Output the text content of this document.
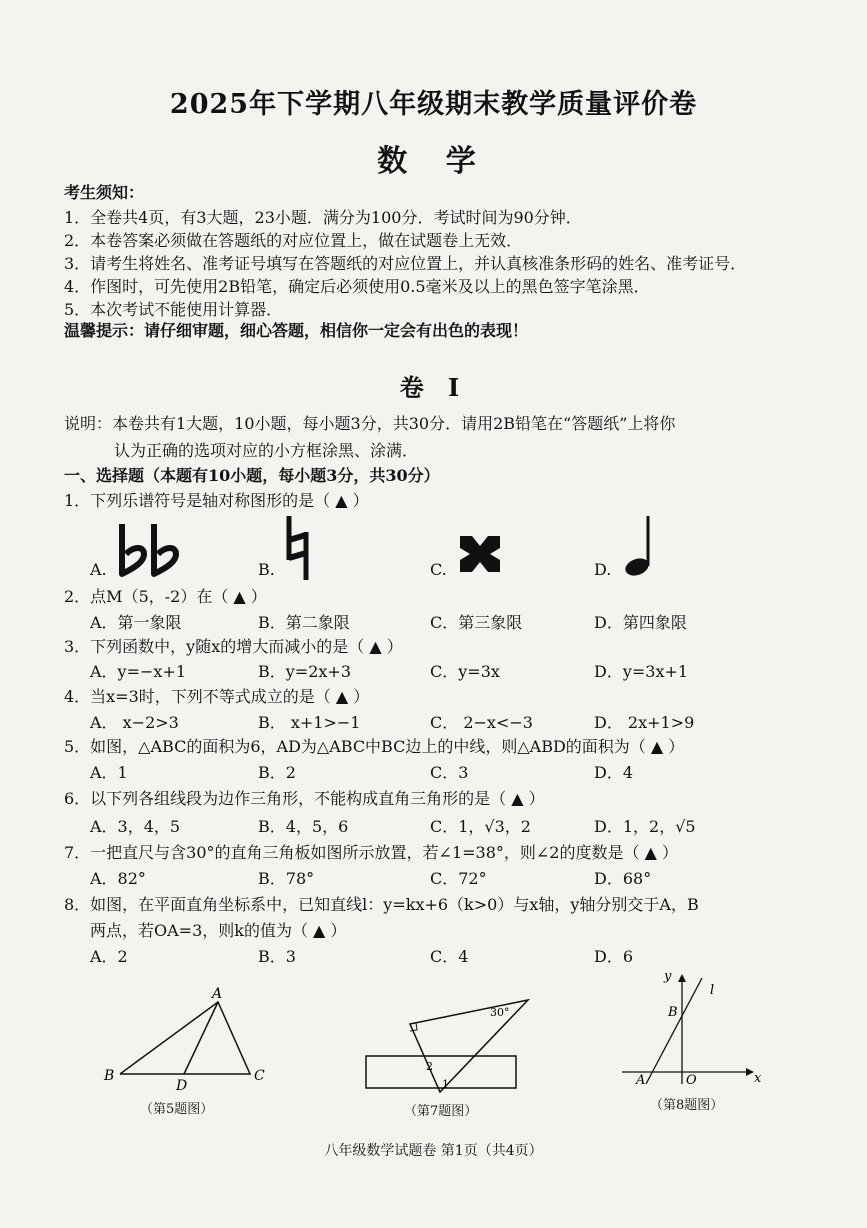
2025年下学期八年级期末教学质量评价卷
数 学
考生须知：
1．全卷共4页，有3大题，23小题．满分为100分．考试时间为90分钟．
2．本卷答案必须做在答题纸的对应位置上，做在试题卷上无效．
3．请考生将姓名、准考证号填写在答题纸的对应位置上，并认真核准条形码的姓名、准考证号．
4．作图时，可先使用2B铅笔，确定后必须使用0.5毫米及以上的黑色签字笔涂黑．
5．本次考试不能使用计算器．
温馨提示：请仔细审题，细心答题，相信你一定会有出色的表现！
卷 I
说明：本卷共有1大题，10小题，每小题3分，共30分．请用2B铅笔在“答题纸”上将你
认为正确的选项对应的小方框涂黑、涂满．
一、选择题（本题有10小题，每小题3分，共30分）
1．下列乐谱符号是轴对称图形的是（ ▲ ）
A.	B.	C.	D.
2．点M（5，-2）在（ ▲ ）
A．第一象限	B．第二象限	C．第三象限	D．第四象限
3．下列函数中，y随x的增大而减小的是（ ▲ ）
A．y=−x+1	B．y=2x+3	C．y=3x	D．y=3x+1
4．当x=3时，下列不等式成立的是（ ▲ ）
A． x−2>3	B． x+1>−1	C． 2−x<−3	D． 2x+1>9
5．如图，△ABC的面积为6，AD为△ABC中BC边上的中线，则△ABD的面积为（ ▲ ）
A．1	B．2	C．3	D．4
6．以下列各组线段为边作三角形，不能构成直角三角形的是（ ▲ ）
A．3，4，5	B．4，5，6	C．1，√3，2	D．1，2，√5
7．一把直尺与含30°的直角三角板如图所示放置，若∠1=38°，则∠2的度数是（ ▲ ）
A．82°	B．78°	C．72°	D．68°
8．如图，在平面直角坐标系中，已知直线l：y=kx+6（k>0）与x轴，y轴分别交于A，B
两点，若OA=3，则k的值为（ ▲ ）
A．2	B．3	C．4	D．6
A
B
D
C
（第5题图）
30°
2
1
（第7题图）
y
l
B
A	O	x
（第8题图）
八年级数学试题卷 第1页（共4页）
